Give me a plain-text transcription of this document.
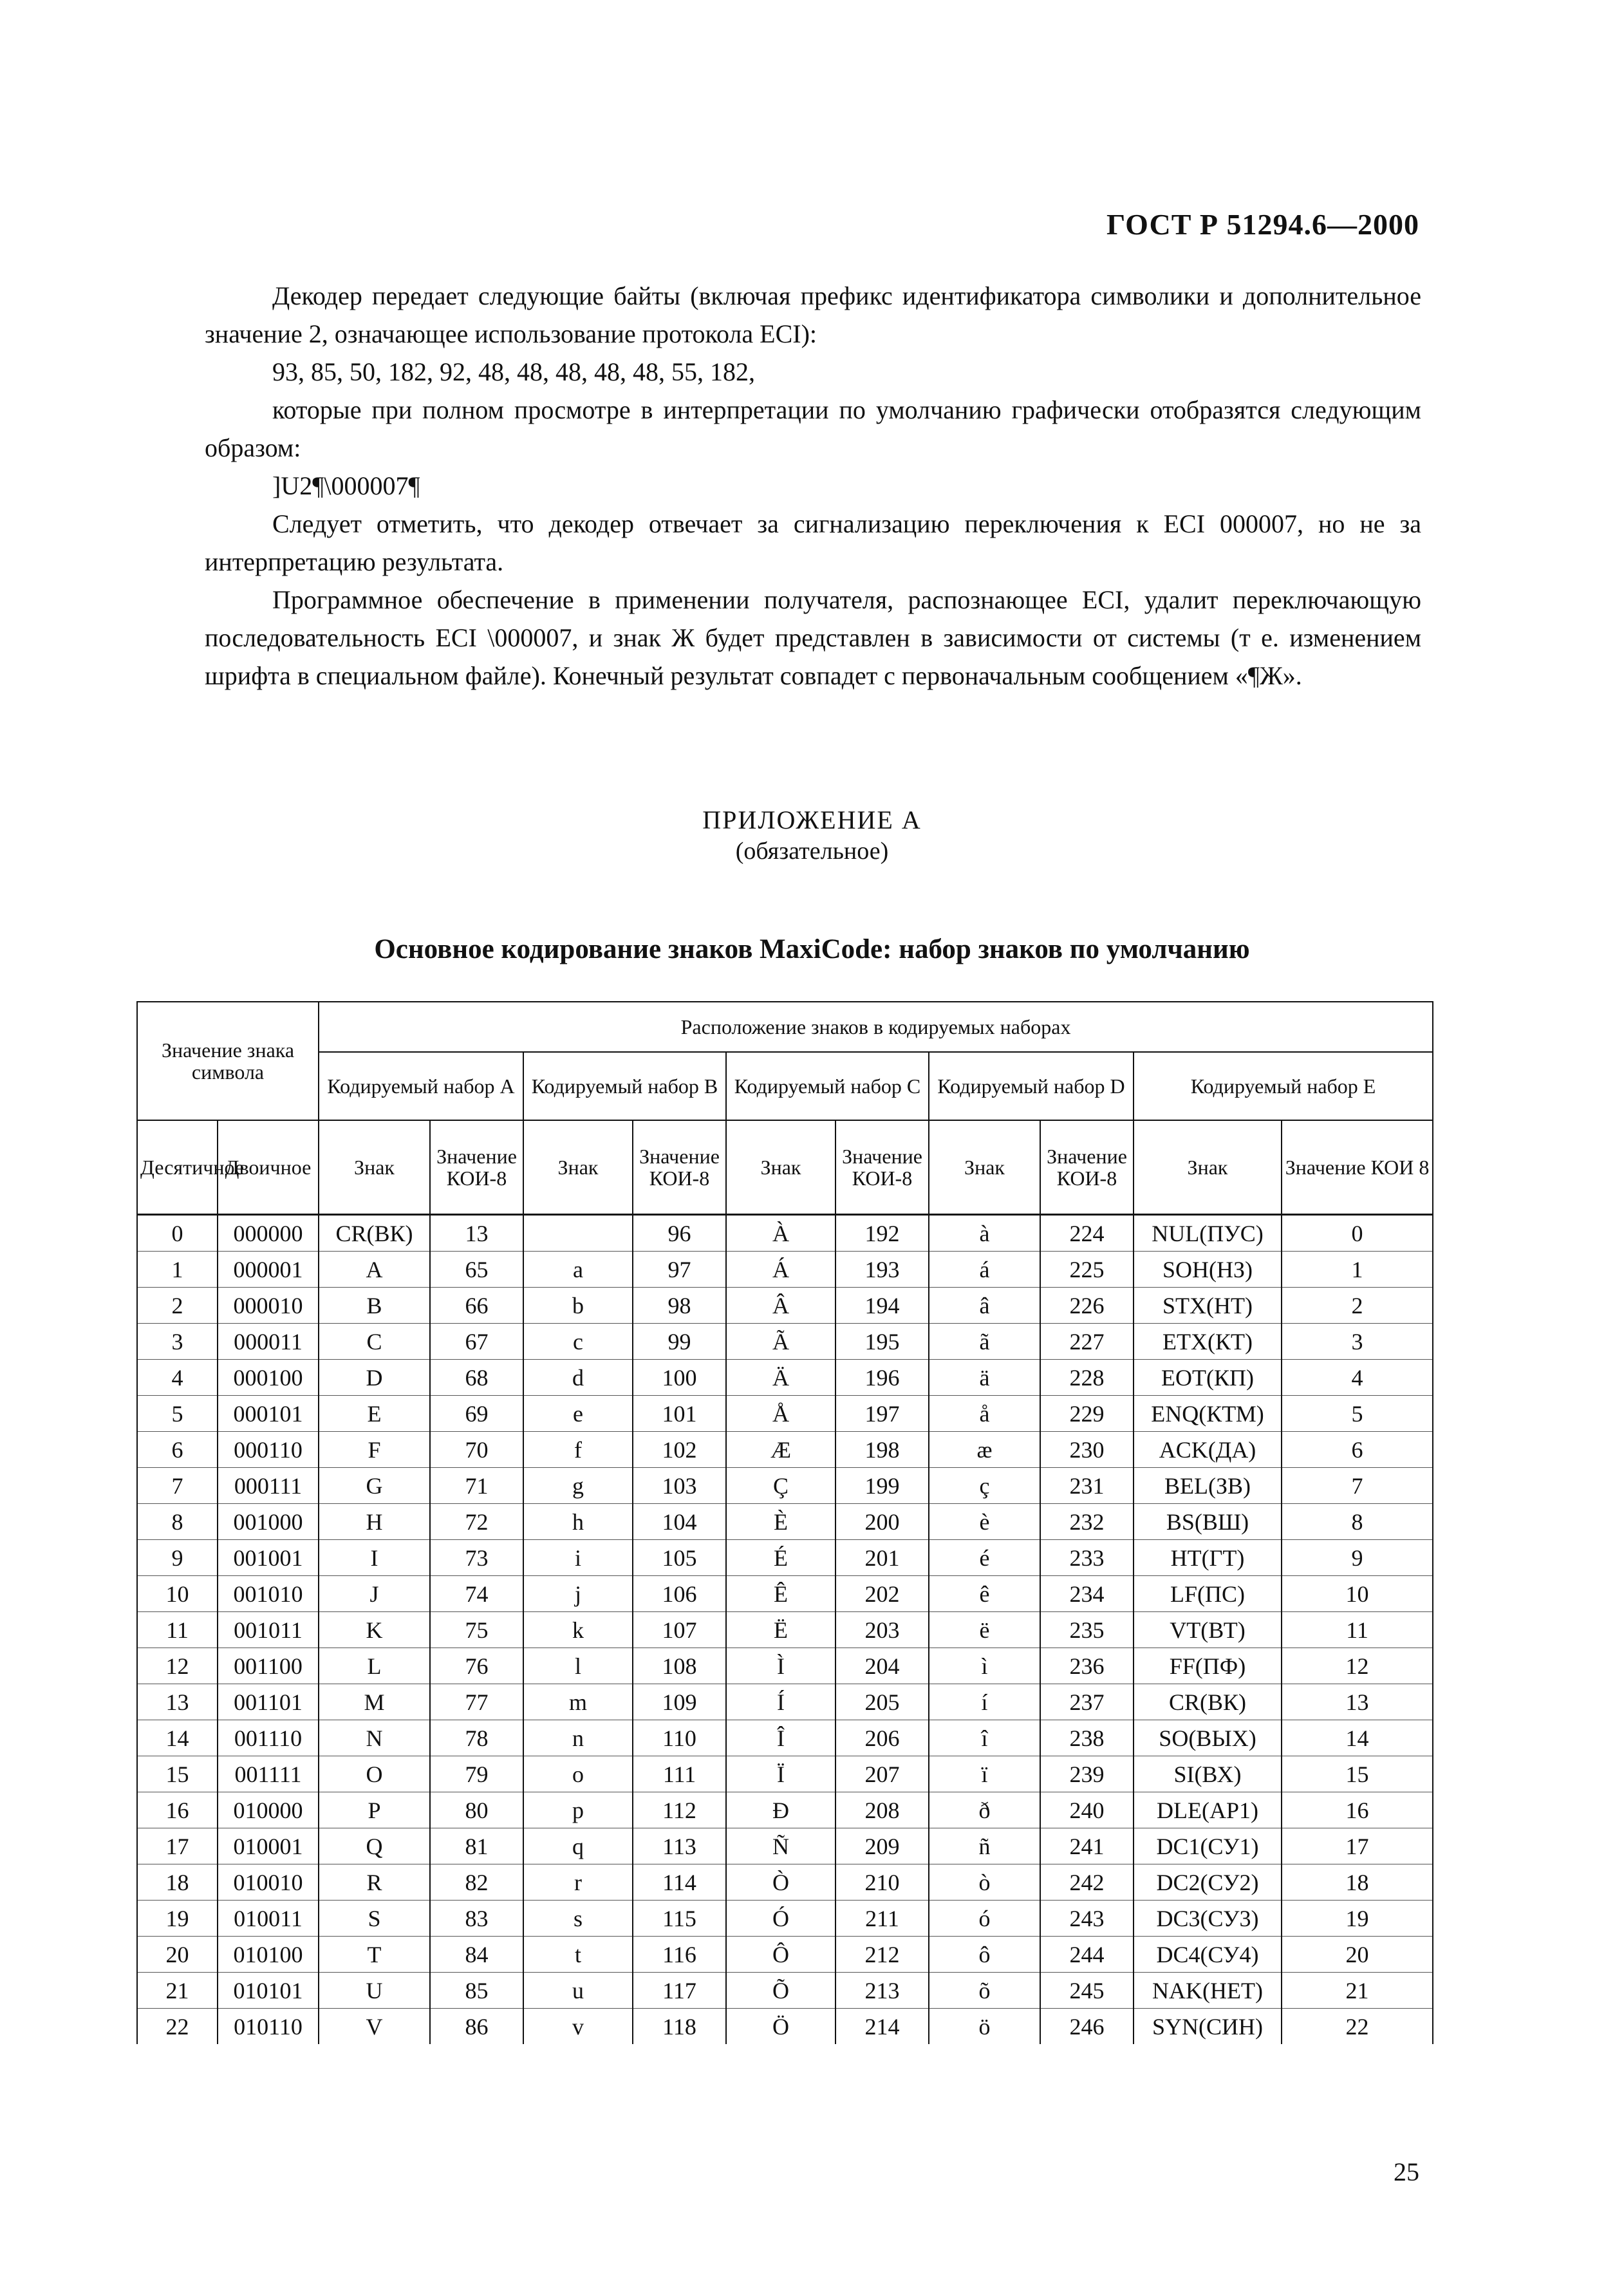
ГОСТ Р 51294.6—2000

Декодер передает следующие байты (включая префикс идентификатора символики и дополнительное значение 2, означающее использование протокола ECI):

93, 85, 50, 182, 92, 48, 48, 48, 48, 48, 55, 182,

которые при полном просмотре в интерпретации по умолчанию графически отобразятся следующим образом:

]U2¶\000007¶

Следует отметить, что декодер отвечает за сигнализацию переключения к ECI 000007, но не за интерпретацию результата.

Программное обеспечение в применении получателя, распознающее ECI, удалит переключающую последовательность ECI \000007, и знак Ж будет представлен в зависимости от системы (т е. изменением шрифта в специальном файле). Конечный результат совпадет с первоначальным сообщением «¶Ж».

ПРИЛОЖЕНИЕ А
(обязательное)
Основное кодирование знаков MaxiCode: набор знаков по умолчанию
Значение знака символа		Расположение знаков в кодируемых наборах									
		Кодируемый набор А		Кодируемый набор В		Кодируемый набор С		Кодируемый набор D		Кодируемый набор Е	
Десятичное	Двоичное	Знак	Значение КОИ-8	Знак	Значение КОИ-8	Знак	Значение КОИ-8	Знак	Значение КОИ-8	Знак	Значение КОИ 8
0	000000	CR(ВК)	13		96	À	192	à	224	NUL(ПУС)	0
1	000001	A	65	a	97	Á	193	á	225	SOH(НЗ)	1
2	000010	B	66	b	98	Â	194	â	226	STX(НТ)	2
3	000011	C	67	c	99	Ã	195	ã	227	ETX(КТ)	3
4	000100	D	68	d	100	Ä	196	ä	228	EOT(КП)	4
5	000101	E	69	e	101	Å	197	å	229	ENQ(КТМ)	5
6	000110	F	70	f	102	Æ	198	æ	230	ACK(ДА)	6
7	000111	G	71	g	103	Ç	199	ç	231	BEL(ЗВ)	7
8	001000	H	72	h	104	È	200	è	232	BS(ВШ)	8
9	001001	I	73	i	105	É	201	é	233	HT(ГТ)	9
10	001010	J	74	j	106	Ê	202	ê	234	LF(ПС)	10
11	001011	K	75	k	107	Ë	203	ë	235	VT(ВТ)	11
12	001100	L	76	l	108	Ì	204	ì	236	FF(ПФ)	12
13	001101	M	77	m	109	Í	205	í	237	CR(ВК)	13
14	001110	N	78	n	110	Î	206	î	238	SO(ВЫХ)	14
15	001111	O	79	o	111	Ï	207	ï	239	SI(ВХ)	15
16	010000	P	80	p	112	Ð	208	ð	240	DLE(АР1)	16
17	010001	Q	81	q	113	Ñ	209	ñ	241	DC1(СУ1)	17
18	010010	R	82	r	114	Ò	210	ò	242	DC2(СУ2)	18
19	010011	S	83	s	115	Ó	211	ó	243	DC3(СУ3)	19
20	010100	T	84	t	116	Ô	212	ô	244	DC4(СУ4)	20
21	010101	U	85	u	117	Õ	213	õ	245	NAK(НЕТ)	21
22	010110	V	86	v	118	Ö	214	ö	246	SYN(СИН)	22
25
